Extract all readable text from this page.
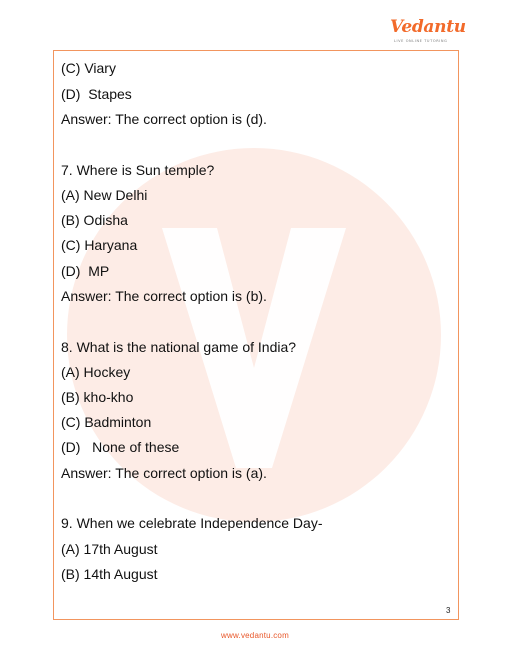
Vedantu
LIVE ONLINE TUTORING
(C) Viary
(D)  Stapes
Answer: The correct option is (d).
7. Where is Sun temple?
(A) New Delhi
(B) Odisha
(C) Haryana
(D)  MP
Answer: The correct option is (b).
8. What is the national game of India?
(A) Hockey
(B) kho-kho
(C) Badminton
(D)   None of these
Answer: The correct option is (a).
9. When we celebrate Independence Day-
(A) 17th August
(B) 14th August
3
www.vedantu.com
